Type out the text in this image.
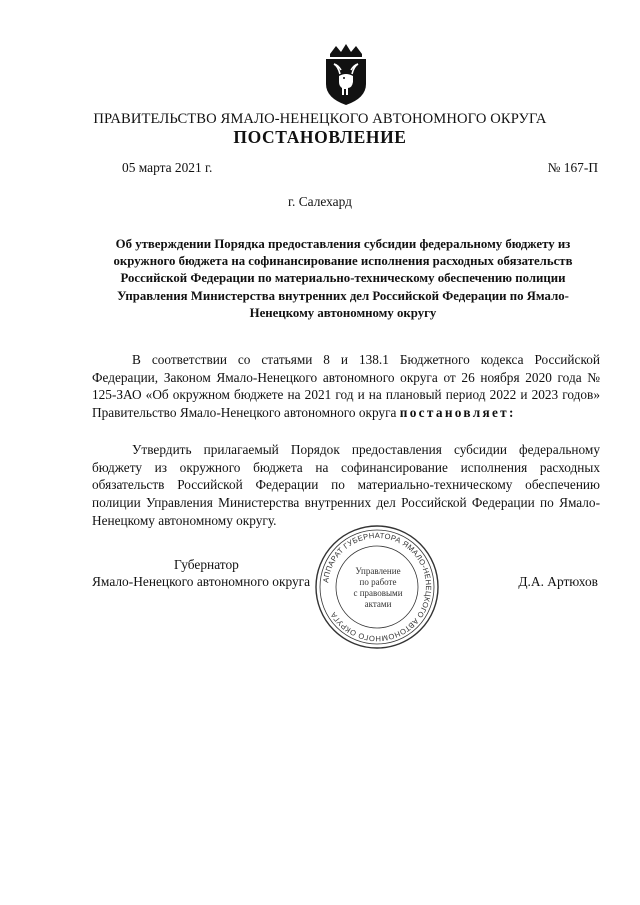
ПРАВИТЕЛЬСТВО ЯМАЛО-НЕНЕЦКОГО АВТОНОМНОГО ОКРУГА
ПОСТАНОВЛЕНИЕ
05 марта 2021 г.	№ 167-П
г. Салехард
Об утверждении Порядка предоставления субсидии федеральному бюджету из окружного бюджета на софинансирование исполнения расходных обязательств Российской Федерации по материально-техническому обеспечению полиции Управления Министерства внутренних дел Российской Федерации по Ямало-Ненецкому автономному округу

В соответствии со статьями 8 и 138.1 Бюджетного кодекса Российской Федерации, Законом Ямало-Ненецкого автономного округа от 26 ноября 2020 года № 125-ЗАО «Об окружном бюджете на 2021 год и на плановый период 2022 и 2023 годов» Правительство Ямало-Ненецкого автономного округа постановляет:

Утвердить прилагаемый Порядок предоставления субсидии федеральному бюджету из окружного бюджета на софинансирование исполнения расходных обязательств Российской Федерации по материально-техническому обеспечению полиции Управления Министерства внутренних дел Российской Федерации по Ямало-Ненецкому автономному округу.

Губернатор
Ямало-Ненецкого автономного округа	Д.А. Артюхов
АППАРАТ ГУБЕРНАТОРА ЯМАЛО-НЕНЕЦКОГО АВТОНОМНОГО ОКРУГА
Управление
по работе
с правовыми
актами
